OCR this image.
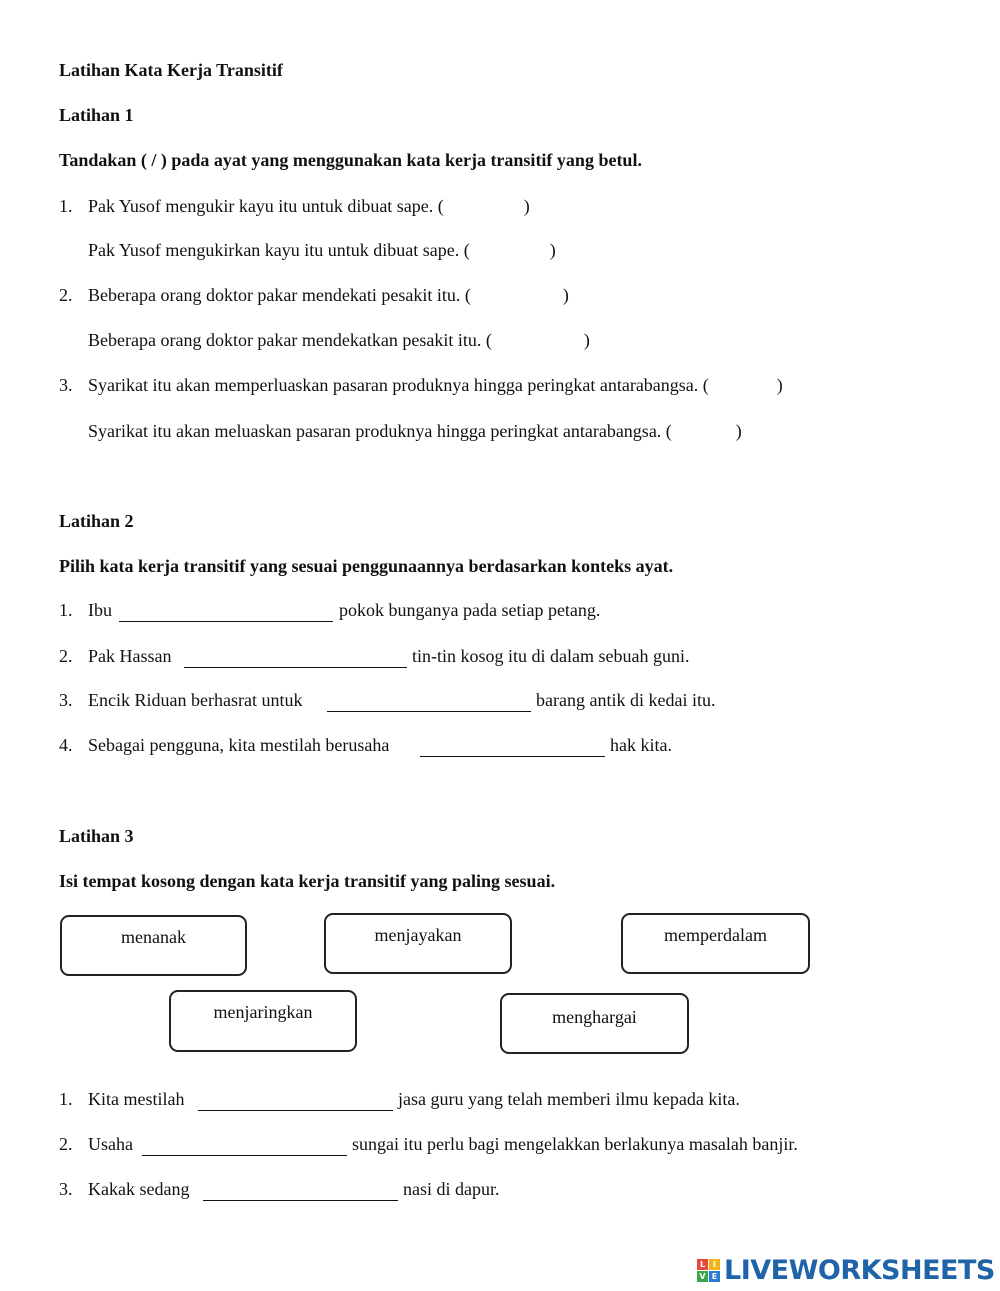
Latihan Kata Kerja Transitif
Latihan 1
Tandakan ( / ) pada ayat yang menggunakan kata kerja transitif yang betul.
1. Pak Yusof mengukir kayu itu untuk dibuat sape. (	)
Pak Yusof mengukirkan kayu itu untuk dibuat sape. (	)
2. Beberapa orang doktor pakar mendekati pesakit itu. (	)
Beberapa orang doktor pakar mendekatkan pesakit itu. (	)
3. Syarikat itu akan memperluaskan pasaran produknya hingga peringkat antarabangsa. (	)
Syarikat itu akan meluaskan pasaran produknya hingga peringkat antarabangsa. (	)
Latihan 2
Pilih kata kerja transitif yang sesuai penggunaannya berdasarkan konteks ayat.
1. Ibu	pokok bunganya pada setiap petang.
2. Pak Hassan	tin-tin kosog itu di dalam sebuah guni.
3. Encik Riduan berhasrat untuk	barang antik di kedai itu.
4. Sebagai pengguna, kita mestilah berusaha	hak kita.
Latihan 3
Isi tempat kosong dengan kata kerja transitif yang paling sesuai.
menanak	menjayakan	memperdalam
menjaringkan	menghargai
1. Kita mestilah	jasa guru yang telah memberi ilmu kepada kita.
2. Usaha	sungai itu perlu bagi mengelakkan berlakunya masalah banjir.
3. Kakak sedang	nasi di dapur.
L I
V E LIVEWORKSHEETS
